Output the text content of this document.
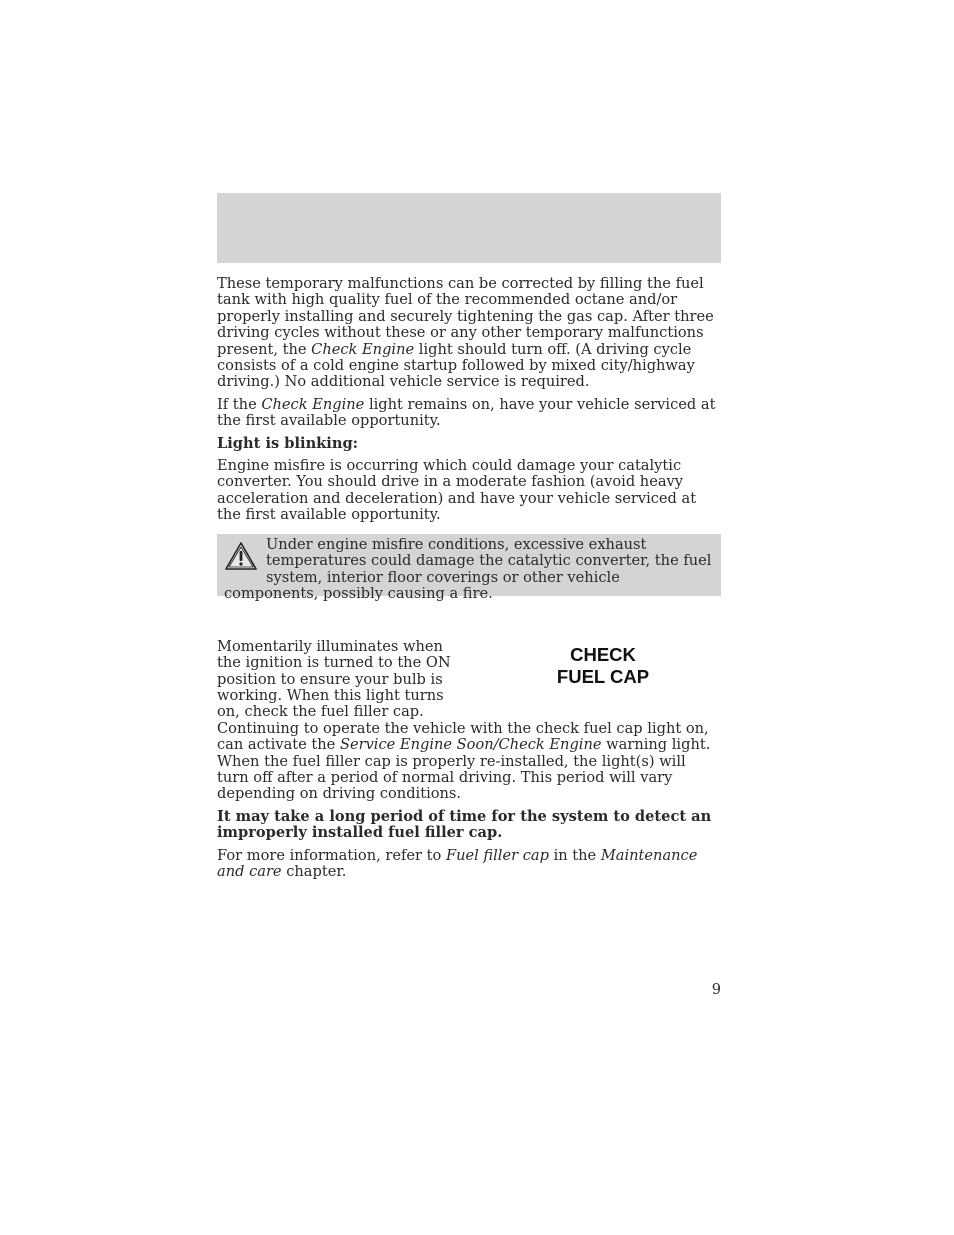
These temporary malfunctions can be corrected by filling the fuel tank with high quality fuel of the recommended octane and/or properly installing and securely tightening the gas cap. After three driving cycles without these or any other temporary malfunctions present, the Check Engine light should turn off. (A driving cycle consists of a cold engine startup followed by mixed city/highway driving.) No additional vehicle service is required.

If the Check Engine light remains on, have your vehicle serviced at the first available opportunity.

Light is blinking:

Engine misfire is occurring which could damage your catalytic converter. You should drive in a moderate fashion (avoid heavy acceleration and deceleration) and have your vehicle serviced at the first available opportunity.

Under engine misfire conditions, excessive exhaust temperatures could damage the catalytic converter, the fuel system, interior floor coverings or other vehicle components, possibly causing a fire.

CHECK
FUEL CAP

Momentarily illuminates when the ignition is turned to the ON position to ensure your bulb is working. When this light turns on, check the fuel filler cap. Continuing to operate the vehicle with the check fuel cap light on, can activate the Service Engine Soon/Check Engine warning light. When the fuel filler cap is properly re-installed, the light(s) will turn off after a period of normal driving. This period will vary depending on driving conditions.

It may take a long period of time for the system to detect an improperly installed fuel filler cap.

For more information, refer to Fuel filler cap in the Maintenance and care chapter.

9
